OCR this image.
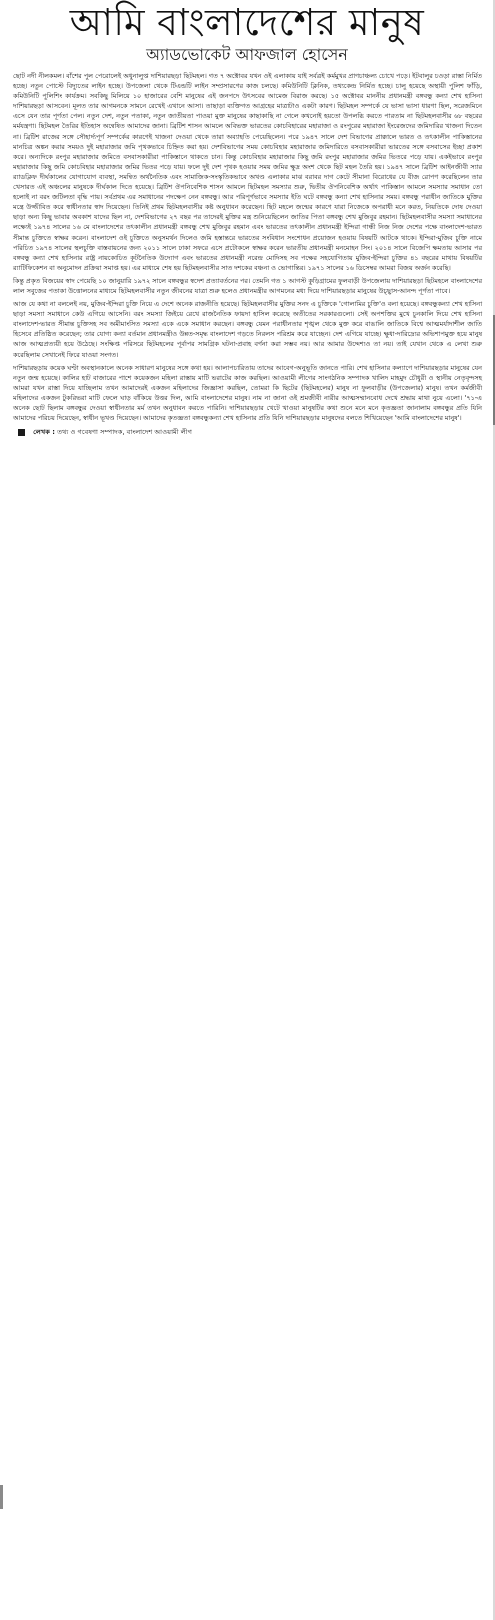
আমি বাংলাদেশের মানুষ
অ্যাডভোকেট আফজাল হোসেন

ছোট নদী নীলকমল। বাঁশের পুল পেরোলেই অধুনালুপ্ত দাশিয়ারছড়া ছিটমহল। গত ৭ অক্টোবর যখন ওই এলাকায় যাই সর্বত্রই কর্মমুখর প্রাণচাঞ্চল্য চোখে পড়ে। ইটবালুর চওড়া রাস্তা নির্মিত হচ্ছে। নতুন পোস্টে বিদ্যুতের লাইন হচ্ছে। উপজেলা থেকে টিএন্ডটি লাইন সম্প্রসারণের কাজ চলছে। কমিউনিটি ক্লিনিক, তথ্যকেন্দ্র নির্মিত হচ্ছে। চালু হয়েছে অস্থায়ী পুলিশ ফাঁড়ি, কমিউনিটি পুলিশিং কার্যক্রম। সবকিছু মিলিয়ে ১০ হাজারের বেশি মানুষের এই জনপদে উৎসবের আমেজ বিরাজ করছে। ১৫ অক্টোবর মাননীয় প্রধানমন্ত্রী বঙ্গবন্ধু কন্যা শেখ হাসিনা দাশিয়ারছড়া আসবেন। মূলত তার আগমনকে সামনে রেখেই এখানে আসা। তাছাড়া ব্যক্তিগত আগ্রহের মাত্রাটাও একটা কারণ। ছিটমহল সম্পর্কে যে ভাসা ভাসা ধারণা ছিল, সরেজমিনে এসে যেন তার পূর্ণতা পেল। নতুন দেশ, নতুন পতাকা, নতুন জাতীয়তা পাওয়া মুক্ত মানুষের কাছাকাছি না গেলে কখনোই হয়তো উপলব্ধি করতে পারতাম না ছিটমহলবাসীর ৬৮ বছরের মর্মযন্ত্রণা। ছিটমহল তৈরির ইতিহাস অন্বেষিত আমাদের জানা। ব্রিটিশ শাসন আমলে অবিভক্ত ভারতের কোচবিহারের মহারাজা ও রংপুরের মহারাজা ইংরেজদের জমিদারির খাজনা দিতেন না। ব্রিটিশ রাজের সঙ্গে সৌহার্দ্যপূর্ণ সম্পর্কের কারণেই খাজনা দেওয়া থেকে তারা অব্যাহতি পেয়েছিলেন। পরে ১৯৪৭ সালে দেশ বিভাগের প্রাক্কালে ভারত ও তৎকালীন পাকিস্তানের মানচিত্র অঙ্কন করার সময়ও দুই মহারাজার জমি পৃথকভাবে চিহ্নিত করা হয়। দেশবিভাগের সময় কোচবিহার মহারাজার জমিদারিতে বসবাসকারীরা ভারতের সঙ্গে বসবাসের ইচ্ছা প্রকাশ করে। অন্যদিকে রংপুর মহারাজার জমিতে বসবাসকারীরা পাকিস্তানে থাকতে চান। কিন্তু কোচবিহার মহারাজার কিছু জমি রংপুর মহারাজার জমির ভিতরে পড়ে যায়। একইভাবে রংপুর মহারাজার কিছু জমি কোচবিহার মহারাজার জমির ভিতর পড়ে যায়। ফলে দুই দেশ পৃথক হওয়ার সময় জমির ক্ষুদ্র অংশ থেকে ছিট মহল তৈরি হয়। ১৯৪৭ সালে ব্রিটিশ আইনজীবী স্যার র‌্যাডক্লিফ দীর্ঘকালের যোগাযোগ ব্যবস্থা, সমন্বিত অর্থনৈতিক এবং সামাজিক-সংস্কৃতিকভাবে অখণ্ড এলাকার মাঝ বরাবর দাগ কেটে সীমানা বিরোধের যে বীজ রোপণ করেছিলেন তার খেসারত এই অঞ্চলের মানুষকে দীর্ঘকাল দিতে হয়েছে। ব্রিটিশ ঔপনিবেশিক শাসন আমলে ছিটমহল সমস্যার শুরু, দ্বিতীয় ঔপনিবেশিক অর্থাৎ পাকিস্তান আমলে সমস্যার সমাধান তো হলোই না বরং জটিলতা বৃদ্ধি পায়। সর্বপ্রথম এর সমাধানের পদক্ষেপ নেন বঙ্গবন্ধু। আর পরিপূর্ণভাবে সমস্যার ইতি ঘটে বঙ্গবন্ধু কন্যা শেখ হাসিনার সময়। বঙ্গবন্ধু পরাধীন জাতিকে মুক্তির মন্ত্রে উজ্জীবিত করে স্বাধীনতার স্বাদ দিয়েছেন। তিনিই প্রথম ছিটমহলবাসীর কষ্ট অনুধাবন করেছেন। ছিট মহলে জন্মের কারণে যারা নিজেকে অপরাধী মনে করত, নিয়তিকে দোষ দেওয়া ছাড়া অন্য কিছু ভাবার অবকাশ যাদের ছিল না, দেশবিভাগের ২৭ বছর পর তাদেরই মুক্তির মন্ত্র শুনিয়েছিলেন জাতির পিতা বঙ্গবন্ধু শেখ মুজিবুর রহমান। ছিটমহলবাসীর সমস্যা সমাধানের লক্ষ্যেই ১৯৭৪ সালের ১৬ মে বাংলাদেশের তৎকালীন প্রধানমন্ত্রী বঙ্গবন্ধু শেখ মুজিবুর রহমান এবং ভারতের তৎকালীন প্রধানমন্ত্রী ইন্দিরা গান্ধী নিজ নিজ দেশের পক্ষে বাংলাদেশ-ভারত সীমান্ত চুক্তিতে স্বাক্ষর করেন। বাংলাদেশ ওই চুক্তিতে অনুসমর্থন দিলেও জমি হস্তান্তরে ভারতের সংবিধান সংশোধন প্রয়োজন হওয়ায় বিষয়টি আটকে থাকে। ইন্দিরা-মুজিব চুক্তি নামে পরিচিত ১৯৭৪ সালের স্থলচুক্তি বাস্তবায়নের জন্য ২০১১ সালে ঢাকা সফরে এসে প্রটোকলে স্বাক্ষর করেন ভারতীয় প্রধানমন্ত্রী মনমোহন সিং। ২০১৪ সালে বিজেপি ক্ষমতায় আসার পর বঙ্গবন্ধু কন্যা শেখ হাসিনার রাষ্ট্র নায়কোচিত কূটনৈতিক উদ্যোগ এবং ভারতের প্রধানমন্ত্রী নরেন্দ্র মোদিসহ সব পক্ষের সহযোগিতায় মুজিব-ইন্দিরা চুক্তির ৪১ বছরের মাথায় বিষয়টির র‌্যাটিফিকেশন বা অনুমোদন প্রক্রিয়া সমাপ্ত হয়। এর মাধ্যমে শেষ হয় ছিটমহলবাসীর সাত দশকের বঞ্চনা ও ভোগান্তির। ১৯৭১ সালের ১৬ ডিসেম্বর আমরা বিজয় অর্জন করেছি।

কিন্তু প্রকৃত বিজয়ের স্বাদ পেয়েছি ১০ জানুয়ারি ১৯৭২ সালে বঙ্গবন্ধুর স্বদেশ প্রত্যাবর্তনের পর। তেমনি গত ১ আগস্ট কুড়িগ্রামের ফুলবাড়ী উপজেলায় দাশিয়ারছড়া ছিটমহলে বাংলাদেশের লাল সবুজের পতাকা উত্তোলনের মাধ্যমে ছিটমহলবাসীর নতুন জীবনের যাত্রা শুরু হলেও প্রধানমন্ত্রীর আগমনের মধ্য দিয়ে দাশিয়ারছড়ার মানুষের উচ্ছ্বাস-আনন্দ পূর্ণতা পাবে।

আজ যে কথা না বললেই নয়, মুজিব-ইন্দিরা চুক্তি নিয়ে এ দেশে অনেক রাজনীতি হয়েছে। ছিটমহলবাসীর মুক্তির সনদ এ চুক্তিকে 'গোলামির চুক্তি'ও বলা হয়েছে। বঙ্গবন্ধুকন্যা শেখ হাসিনা ছাড়া সমস্যা সমাধানে কেউ এগিয়ে আসেনি। বরং সমস্যা জিইয়ে রেখে রাজনৈতিক ফায়দা হাসিল করেছে অতীতের সরকারগুলো। সেই অপশক্তির মুখে চুনকালি দিয়ে শেখ হাসিনা বাংলাদেশ-ভারত সীমান্ত চুক্তিসহ সব অমীমাংসিত সমস্যা একে একে সমাধান করছেন। বঙ্গবন্ধু যেমন পরাধীনতার শৃঙ্খল থেকে মুক্ত করে বাঙালি জাতিকে বিশ্বে আত্মমর্যাদাশীল জাতি হিসেবে প্রতিষ্ঠিত করেছেন; তার যোগ্য কন্যা বর্তমান প্রধানমন্ত্রীও উন্নত-সমৃদ্ধ বাংলাদেশ গড়তে নিরলস পরিশ্রম করে যাচ্ছেন। দেশ এগিয়ে যাচ্ছে। ক্ষুধা-দারিদ্র্যের অভিশাপমুক্ত হয়ে মানুষ আজ আত্মপ্রত্যয়ী হয়ে উঠেছে। সংক্ষিপ্ত পরিসরে ছিটমহলের পূর্বাপর সামগ্রিক ঘটনা-প্রবাহ বর্ণনা করা সম্ভব নয়। আর আমার উদ্দেশ্যও তা নয়। তাই যেখান থেকে এ লেখা শুরু করেছিলাম সেখানেই ফিরে যাওয়া সংগত।

দাশিয়ারছড়ায় কয়েক ঘণ্টা অবস্থানকালে অনেক সাধারণ মানুষের সঙ্গে কথা হয়। আলাপচারিতায় তাদের আবেগ-অনুভূতি জানতে পারি। শেখ হাসিনার কল্যাণে দাশিয়ারছড়ার মানুষের যেন নতুন জন্ম হয়েছে। কালির হাট বাজারের পাশে কয়েকজন মহিলা রাস্তায় মাটি ভরাটের কাজ করছিল। আওয়ামী লীগের সাংগঠনিক সম্পাদক খালিদ মাহমুদ চৌধুরী ও স্থানীয় নেতৃবৃন্দসহ আমরা যখন রাস্তা দিয়ে যাচ্ছিলাম তখন আমাদেরই একজন মহিলাদের জিজ্ঞাসা করছিল, তোমরা কি ছিটের (ছিটমহলের) মানুষ না ফুলবাড়ীর (উপজেলার) মানুষ। তখন কর্মজীবী মহিলাদের একজন টুকরিভরা মাটি ফেলে ঘাড় বাঁকিয়ে উত্তর দিল, আমি বাংলাদেশের মানুষ। নাম না জানা ওই শ্রমজীবী নারীর আত্মসম্মানবোধ দেখে শ্রদ্ধায় মাথা নুয়ে এলো। '৭১-এ অনেক ছোট ছিলাম বঙ্গবন্ধুর দেওয়া স্বাধীনতার মর্ম তখন অনুধাবন করতে পারিনি। দাশিয়ারছড়ার খেটে খাওয়া মানুষটির কথা শুনে মনে মনে কৃতজ্ঞতা জানালাম বঙ্গবন্ধুর প্রতি যিনি আমাদের পরিচয় দিয়েছেন, স্বাধীন ভূখণ্ড দিয়েছেন। আমাদের কৃতজ্ঞতা বঙ্গবন্ধুকন্যা শেখ হাসিনার প্রতি যিনি দাশিয়ারছড়ার মানুষদের বলতে শিখিয়েছেন 'আমি বাংলাদেশের মানুষ'।

লেখক : তথ্য ও গবেষণা সম্পাদক, বাংলাদেশ আওয়ামী লীগ
